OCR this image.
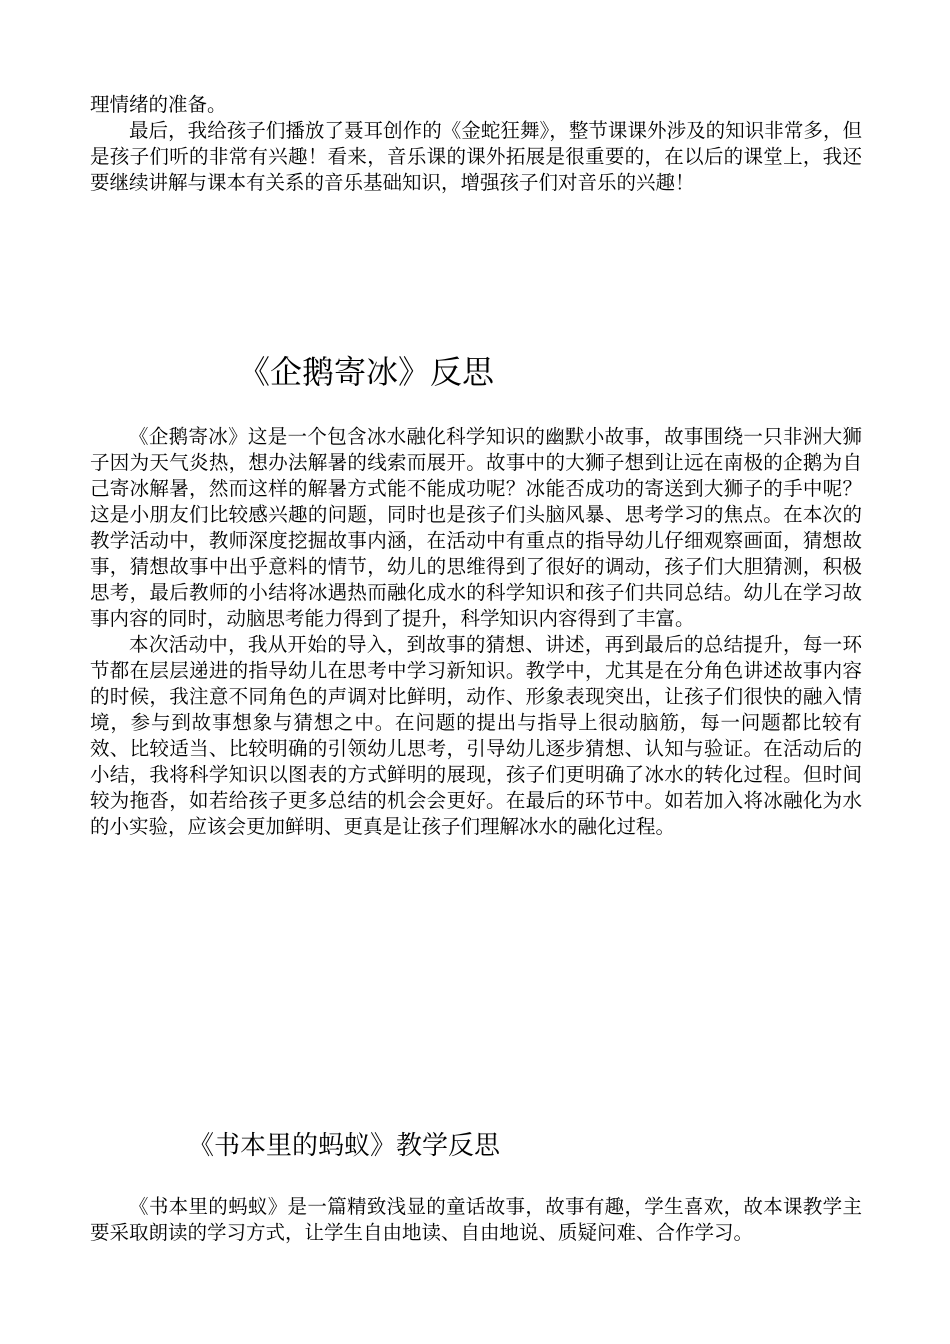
理情绪的准备。

最后，我给孩子们播放了聂耳创作的《金蛇狂舞》，整节课课外涉及的知识非常多，但是孩子们听的非常有兴趣！看来，音乐课的课外拓展是很重要的，在以后的课堂上，我还要继续讲解与课本有关系的音乐基础知识，增强孩子们对音乐的兴趣！

《企鹅寄冰》反思

《企鹅寄冰》这是一个包含冰水融化科学知识的幽默小故事，故事围绕一只非洲大狮子因为天气炎热，想办法解暑的线索而展开。故事中的大狮子想到让远在南极的企鹅为自己寄冰解暑，然而这样的解暑方式能不能成功呢？冰能否成功的寄送到大狮子的手中呢？这是小朋友们比较感兴趣的问题，同时也是孩子们头脑风暴、思考学习的焦点。在本次的教学活动中，教师深度挖掘故事内涵，在活动中有重点的指导幼儿仔细观察画面，猜想故事，猜想故事中出乎意料的情节，幼儿的思维得到了很好的调动，孩子们大胆猜测，积极思考，最后教师的小结将冰遇热而融化成水的科学知识和孩子们共同总结。幼儿在学习故事内容的同时，动脑思考能力得到了提升，科学知识内容得到了丰富。

本次活动中，我从开始的导入，到故事的猜想、讲述，再到最后的总结提升，每一环节都在层层递进的指导幼儿在思考中学习新知识。教学中，尤其是在分角色讲述故事内容的时候，我注意不同角色的声调对比鲜明，动作、形象表现突出，让孩子们很快的融入情境，参与到故事想象与猜想之中。在问题的提出与指导上很动脑筋，每一问题都比较有效、比较适当、比较明确的引领幼儿思考，引导幼儿逐步猜想、认知与验证。在活动后的小结，我将科学知识以图表的方式鲜明的展现，孩子们更明确了冰水的转化过程。但时间较为拖沓，如若给孩子更多总结的机会会更好。在最后的环节中。如若加入将冰融化为水的小实验，应该会更加鲜明、更真是让孩子们理解冰水的融化过程。

《书本里的蚂蚁》教学反思

《书本里的蚂蚁》是一篇精致浅显的童话故事，故事有趣，学生喜欢，故本课教学主要采取朗读的学习方式，让学生自由地读、自由地说、质疑问难、合作学习。
